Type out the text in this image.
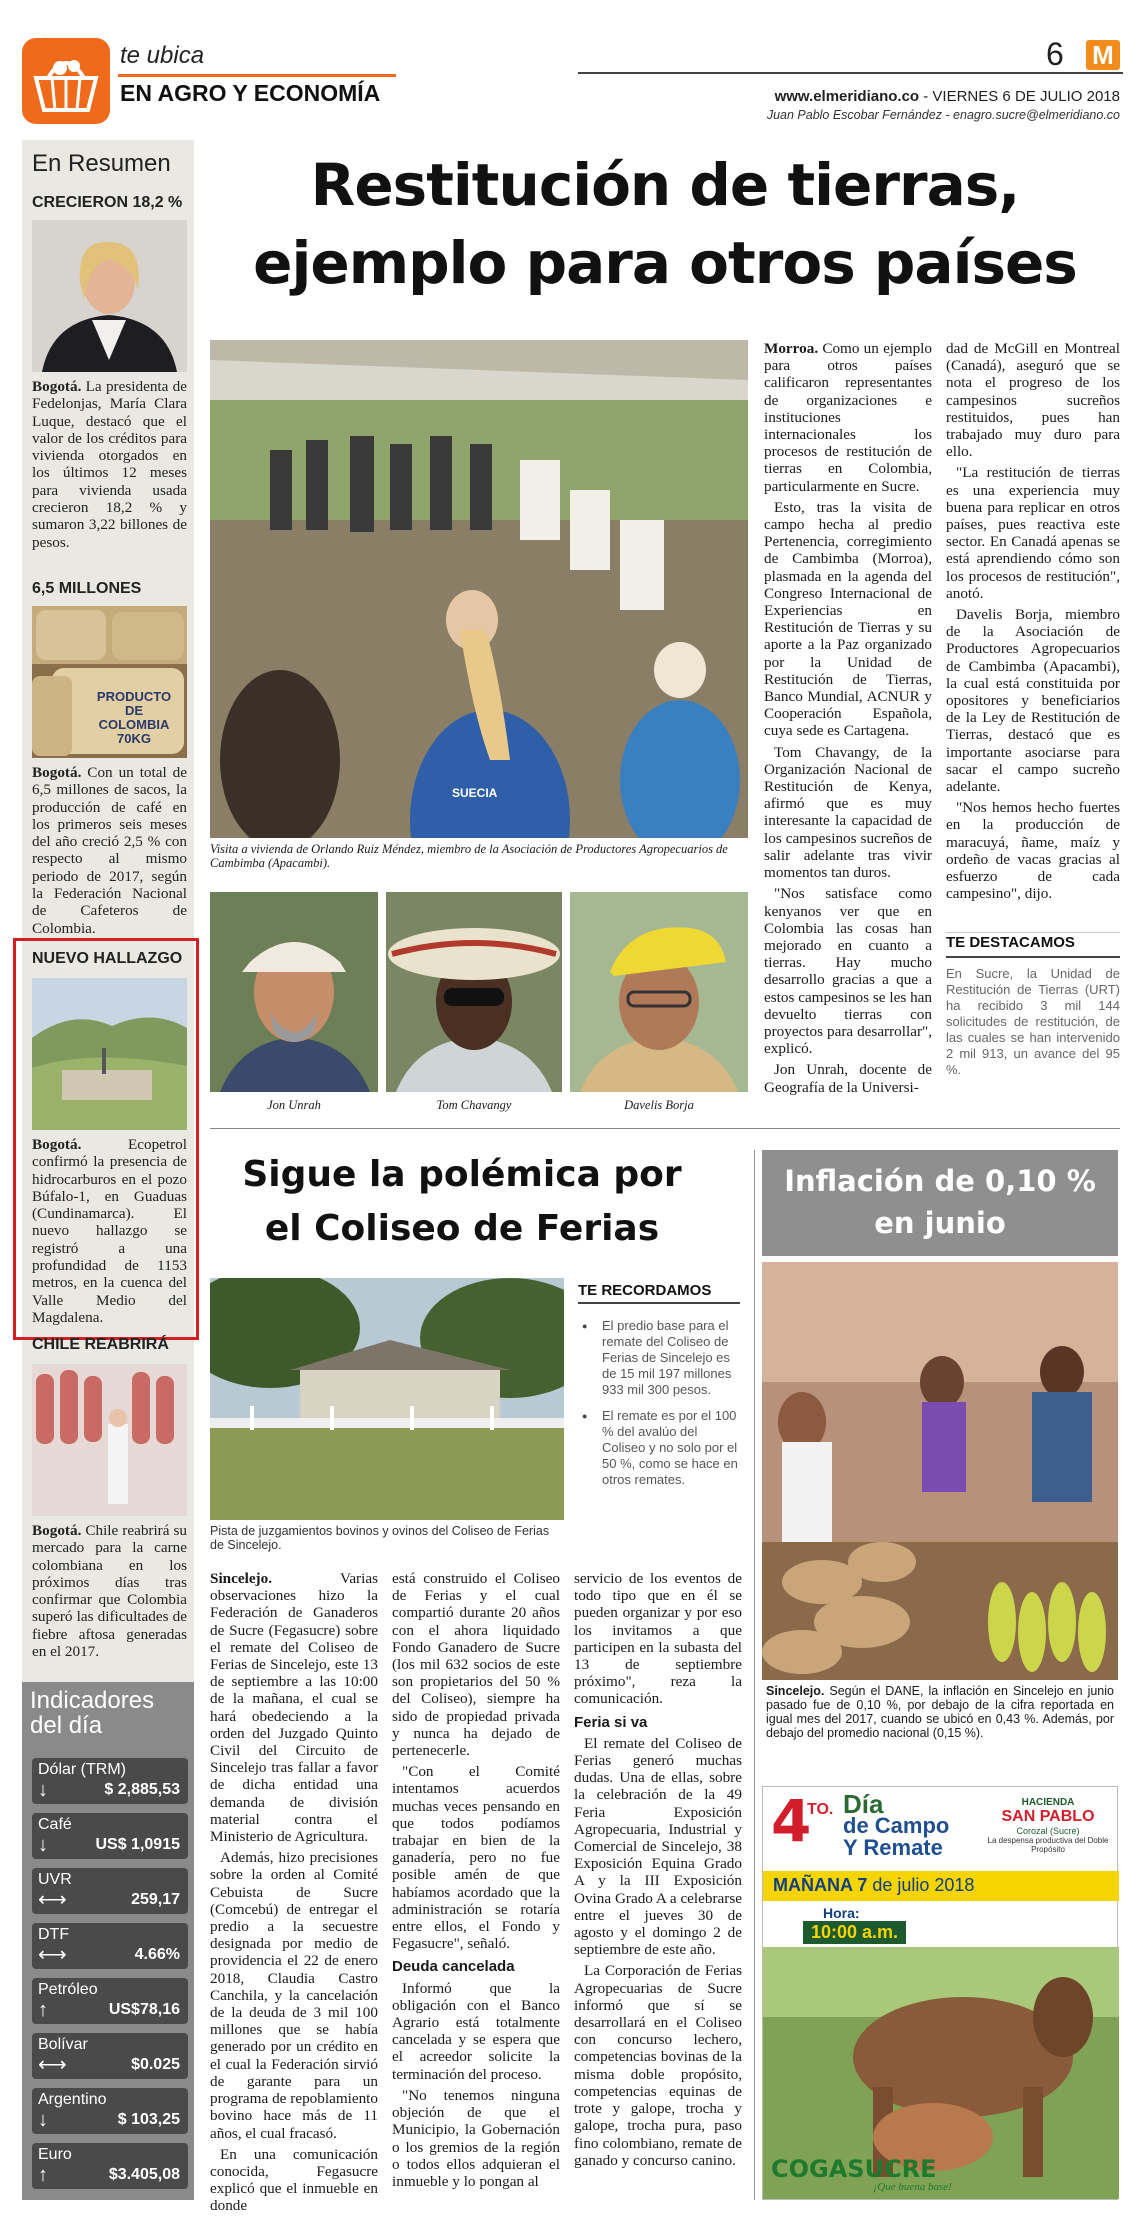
te ubica
EN AGRO Y ECONOMÍA
6 M
www.elmeridiano.co - VIERNES 6 DE JULIO 2018
Juan Pablo Escobar Fernández - enagro.sucre@elmeridiano.co
En Resumen
CRECIERON 18,2 %
Bogotá. La presidenta de Fedelonjas, María Clara Luque, destacó que el valor de los créditos para vivienda otorgados en los últimos 12 meses para vivienda usada crecieron 18,2 % y sumaron 3,22 billones de pesos.
6,5 MILLONES
PRODUCTO DE COLOMBIA 70KG
Bogotá. Con un total de 6,5 millones de sacos, la producción de café en los primeros seis meses del año creció 2,5 % con respecto al mismo periodo de 2017, según la Federación Nacional de Cafeteros de Colombia.
NUEVO HALLAZGO
Bogotá. Ecopetrol confirmó la presencia de hidrocarburos en el pozo Búfalo-1, en Guaduas (Cundinamarca). El nuevo hallazgo se registró a una profundidad de 1153 metros, en la cuenca del Valle Medio del Magdalena.
CHILE REABRIRÁ
Bogotá. Chile reabrirá su mercado para la carne colombiana en los próximos días tras confirmar que Colombia superó las dificultades de fiebre aftosa generadas en el 2017.
Indicadores
del día
Dólar (TRM)
↓	$ 2,885,53
Café
↓	US$ 1,0915
UVR
⟷	259,17
DTF
⟷	4.66%
Petróleo
↑	US$78,16
Bolívar
⟷	$0.025
Argentino
↓	$ 103,25
Euro
↑	$3.405,08
Restitución de tierras,
ejemplo para otros países
SUECIA
Visita a vivienda de Orlando Ruiz Méndez, miembro de la Asociación de Productores Agropecuarios de Cambimba (Apacambi).
Jon Unrah	Tom Chavangy	Davelis Borja

Morroa. Como un ejemplo para otros países calificaron representantes de organizaciones e instituciones internacionales los procesos de restitución de tierras en Colombia, particularmente en Sucre.

Esto, tras la visita de campo hecha al predio Pertenencia, corregimiento de Cambimba (Morroa), plasmada en la agenda del Congreso Internacional de Experiencias en Restitución de Tierras y su aporte a la Paz organizado por la Unidad de Restitución de Tierras, Banco Mundial, ACNUR y Cooperación Española, cuya sede es Cartagena.

Tom Chavangy, de la Organización Nacional de Restitución de Kenya, afirmó que es muy interesante la capacidad de los campesinos sucreños de salir adelante tras vivir momentos tan duros.

"Nos satisface como kenyanos ver que en Colombia las cosas han mejorado en cuanto a tierras. Hay mucho desarrollo gracias a que a estos campesinos se les han devuelto tierras con proyectos para desarrollar", explicó.

Jon Unrah, docente de Geografía de la Universi-

dad de McGill en Montreal (Canadá), aseguró que se nota el progreso de los campesinos sucreños restituidos, pues han trabajado muy duro para ello.

"La restitución de tierras es una experiencia muy buena para replicar en otros países, pues reactiva este sector. En Canadá apenas se está aprendiendo cómo son los procesos de restitución", anotó.

Davelis Borja, miembro de la Asociación de Productores Agropecuarios de Cambimba (Apacambi), la cual está constituida por opositores y beneficiarios de la Ley de Restitución de Tierras, destacó que es importante asociarse para sacar el campo sucreño adelante.

"Nos hemos hecho fuertes en la producción de maracuyá, ñame, maíz y ordeño de vacas gracias al esfuerzo de cada campesino", dijo.

TE DESTACAMOS
En Sucre, la Unidad de Restitución de Tierras (URT) ha recibido 3 mil 144 solicitudes de restitución, de las cuales se han intervenido 2 mil 913, un avance del 95 %.
Sigue la polémica por
el Coliseo de Ferias
Pista de juzgamientos bovinos y ovinos del Coliseo de Ferias de Sincelejo.
TE RECORDAMOS
● El predio base para el remate del Coliseo de Ferias de Sincelejo es de 15 mil 197 millones 933 mil 300 pesos.
● El remate es por el 100 % del avalúo del Coliseo y no solo por el 50 %, como se hace en otros remates.

Sincelejo. Varias observaciones hizo la Federación de Ganaderos de Sucre (Fegasucre) sobre el remate del Coliseo de Ferias de Sincelejo, este 13 de septiembre a las 10:00 de la mañana, el cual se hará obedeciendo a la orden del Juzgado Quinto Civil del Circuito de Sincelejo tras fallar a favor de dicha entidad una demanda de división material contra el Ministerio de Agricultura.

Además, hizo precisiones sobre la orden al Comité Cebuista de Sucre (Comcebú) de entregar el predio a la secuestre designada por medio de providencia el 22 de enero 2018, Claudia Castro Canchila, y la cancelación de la deuda de 3 mil 100 millones que se había generado por un crédito en el cual la Federación sirvió de garante para un programa de repoblamiento bovino hace más de 11 años, el cual fracasó.

En una comunicación conocida, Fegasucre explicó que el inmueble en donde

está construido el Coliseo de Ferias y el cual compartió durante 20 años con el ahora liquidado Fondo Ganadero de Sucre (los mil 632 socios de este son propietarios del 50 % del Coliseo), siempre ha sido de propiedad privada y nunca ha dejado de pertenecerle.

"Con el Comité intentamos acuerdos muchas veces pensando en que todos podíamos trabajar en bien de la ganadería, pero no fue posible amén de que habíamos acordado que la administración se rotaría entre ellos, el Fondo y Fegasucre", señaló.

Deuda cancelada

Informó que la obligación con el Banco Agrario está totalmente cancelada y se espera que el acreedor solicite la terminación del proceso.

"No tenemos ninguna objeción de que el Municipio, la Gobernación o los gremios de la región o todos ellos adquieran el inmueble y lo pongan al

servicio de los eventos de todo tipo que en él se pueden organizar y por eso los invitamos a que participen en la subasta del 13 de septiembre próximo", reza la comunicación.

Feria si va

El remate del Coliseo de Ferias generó muchas dudas. Una de ellas, sobre la celebración de la 49 Feria Exposición Agropecuaria, Industrial y Comercial de Sincelejo, 38 Exposición Equina Grado A y la III Exposición Ovina Grado A a celebrarse entre el jueves 30 de agosto y el domingo 2 de septiembre de este año.

La Corporación de Ferias Agropecuarias de Sucre informó que sí se desarrollará en el Coliseo con concurso lechero, competencias bovinas de la misma doble propósito, competencias equinas de trote y galope, trocha y galope, trocha pura, paso fino colombiano, remate de ganado y concurso canino.

Inflación de 0,10 %
en junio
Sincelejo. Según el DANE, la inflación en Sincelejo en junio pasado fue de 0,10 %, por debajo de la cifra reportada en igual mes del 2017, cuando se ubicó en 0,43 %. Además, por debajo del promedio nacional (0,15 %).
4
TO. Día
de Campo
Y Remate
HACIENDA
SAN PABLO
Corozal (Sucre)
La despensa productiva del Doble Propósito
MAÑANA 7 de julio 2018
Hora:
10:00 a.m.
COGASUCRE
¡Que buena base!
